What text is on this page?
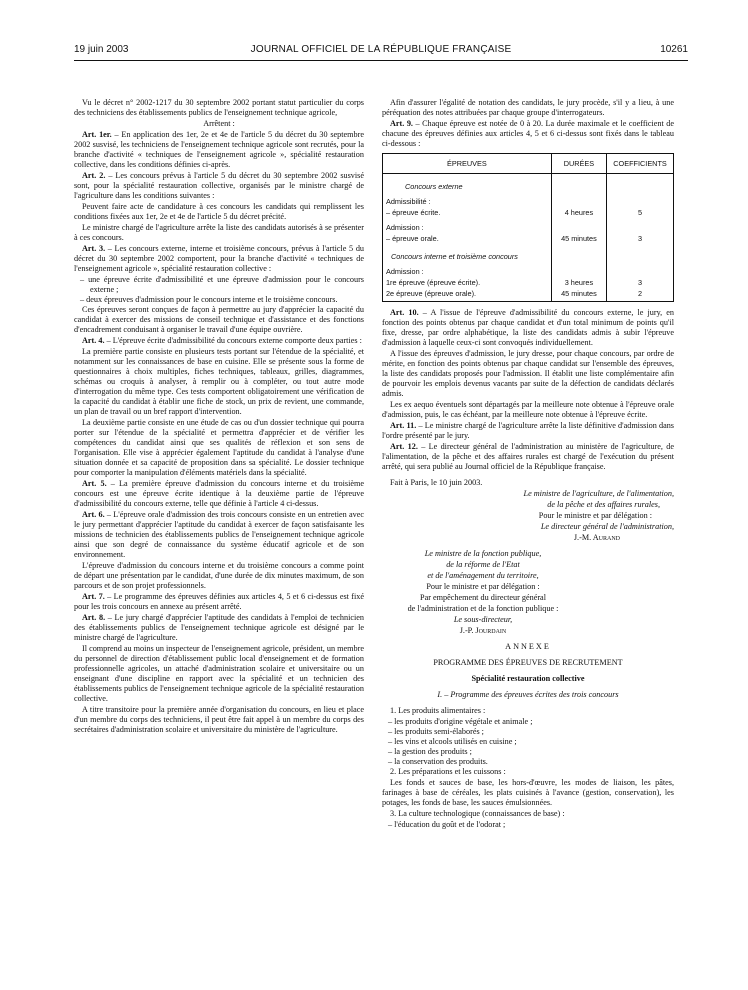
19 juin 2003	JOURNAL OFFICIEL DE LA RÉPUBLIQUE FRANÇAISE	10261

Vu le décret n° 2002-1217 du 30 septembre 2002 portant statut particulier du corps des techniciens des établissements publics de l'enseignement technique agricole,

Arrêtent :

Art. 1er. – En application des 1er, 2e et 4e de l'article 5 du décret du 30 septembre 2002 susvisé, les techniciens de l'enseignement technique agricole sont recrutés, pour la branche d'activité « techniques de l'enseignement agricole », spécialité restauration collective, dans les conditions définies ci-après.

Art. 2. – Les concours prévus à l'article 5 du décret du 30 septembre 2002 susvisé sont, pour la spécialité restauration collective, organisés par le ministre chargé de l'agriculture dans les conditions suivantes :

Peuvent faire acte de candidature à ces concours les candidats qui remplissent les conditions fixées aux 1er, 2e et 4e de l'article 5 du décret précité.

Le ministre chargé de l'agriculture arrête la liste des candidats autorisés à se présenter à ces concours.

Art. 3. – Les concours externe, interne et troisième concours, prévus à l'article 5 du décret du 30 septembre 2002 comportent, pour la branche d'activité « techniques de l'enseignement agricole », spécialité restauration collective :

– une épreuve écrite d'admissibilité et une épreuve d'admission pour le concours externe ;
– deux épreuves d'admission pour le concours interne et le troisième concours.

Ces épreuves seront conçues de façon à permettre au jury d'apprécier la capacité du candidat à exercer des missions de conseil technique et d'assistance et des fonctions d'encadrement conduisant à organiser le travail d'une équipe ouvrière.

Art. 4. – L'épreuve écrite d'admissibilité du concours externe comporte deux parties :

La première partie consiste en plusieurs tests portant sur l'étendue de la spécialité, et notamment sur les connaissances de base en cuisine. Elle se présente sous la forme de questionnaires à choix multiples, fiches techniques, tableaux, grilles, diagrammes, schémas ou croquis à analyser, à remplir ou à compléter, ou tout autre mode d'interrogation du même type. Ces tests comportent obligatoirement une vérification de la capacité du candidat à établir une fiche de stock, un prix de revient, une commande, un plan de travail ou un bref rapport d'intervention.

La deuxième partie consiste en une étude de cas ou d'un dossier technique qui pourra porter sur l'étendue de la spécialité et permettra d'apprécier et de vérifier les compétences du candidat ainsi que ses qualités de réflexion et son sens de l'organisation. Elle vise à apprécier également l'aptitude du candidat à l'analyse d'une situation donnée et sa capacité de proposition dans sa spécialité. Le dossier technique pour comporter la manipulation d'éléments matériels dans la spécialité.

Art. 5. – La première épreuve d'admission du concours interne et du troisième concours est une épreuve écrite identique à la deuxième partie de l'épreuve d'admissibilité du concours externe, telle que définie à l'article 4 ci-dessus.

Art. 6. – L'épreuve orale d'admission des trois concours consiste en un entretien avec le jury permettant d'apprécier l'aptitude du candidat à exercer de façon satisfaisante les missions de technicien des établissements publics de l'enseignement technique agricole ainsi que son degré de connaissance du système éducatif agricole et de son environnement.

L'épreuve d'admission du concours interne et du troisième concours a comme point de départ une présentation par le candidat, d'une durée de dix minutes maximum, de son parcours et de son projet professionnels.

Art. 7. – Le programme des épreuves définies aux articles 4, 5 et 6 ci-dessus est fixé pour les trois concours en annexe au présent arrêté.

Art. 8. – Le jury chargé d'apprécier l'aptitude des candidats à l'emploi de technicien des établissements publics de l'enseignement technique agricole est désigné par le ministre chargé de l'agriculture.

Il comprend au moins un inspecteur de l'enseignement agricole, président, un membre du personnel de direction d'établissement public local d'enseignement et de formation professionnelle agricoles, un attaché d'administration scolaire et universitaire ou un enseignant d'une discipline en rapport avec la spécialité et un technicien des établissements publics de l'enseignement technique agricole de la spécialité restauration collective.

A titre transitoire pour la première année d'organisation du concours, en lieu et place d'un membre du corps des techniciens, il peut être fait appel à un membre du corps des secrétaires d'administration scolaire et universitaire du ministère de l'agriculture.

Afin d'assurer l'égalité de notation des candidats, le jury procède, s'il y a lieu, à une péréquation des notes attribuées par chaque groupe d'interrogateurs.

Art. 9. – Chaque épreuve est notée de 0 à 20. La durée maximale et le coefficient de chacune des épreuves définies aux articles 4, 5 et 6 ci-dessus sont fixés dans le tableau ci-dessous :

ÉPREUVES	DURÉES	COEFFICIENTS
Concours externe		
Admissibilité :		
– épreuve écrite.	4 heures	5
Admission :		
– épreuve orale.	45 minutes	3
Concours interne et troisième concours		
Admission :		
1re épreuve (épreuve écrite).	3 heures	3
2e épreuve (épreuve orale).	45 minutes	2

Art. 10. – A l'issue de l'épreuve d'admissibilité du concours externe, le jury, en fonction des points obtenus par chaque candidat et d'un total minimum de points qu'il fixe, dresse, par ordre alphabétique, la liste des candidats admis à subir l'épreuve d'admission à laquelle ceux-ci sont convoqués individuellement.

A l'issue des épreuves d'admission, le jury dresse, pour chaque concours, par ordre de mérite, en fonction des points obtenus par chaque candidat sur l'ensemble des épreuves, la liste des candidats proposés pour l'admission. Il établit une liste complémentaire afin de pourvoir les emplois devenus vacants par suite de la défection de candidats déclarés admis.

Les ex aequo éventuels sont départagés par la meilleure note obtenue à l'épreuve orale d'admission, puis, le cas échéant, par la meilleure note obtenue à l'épreuve écrite.

Art. 11. – Le ministre chargé de l'agriculture arrête la liste définitive d'admission dans l'ordre présenté par le jury.

Art. 12. – Le directeur général de l'administration au ministère de l'agriculture, de l'alimentation, de la pêche et des affaires rurales est chargé de l'exécution du présent arrêté, qui sera publié au Journal officiel de la République française.

Fait à Paris, le 10 juin 2003.

Le ministre de l'agriculture, de l'alimentation,

de la pêche et des affaires rurales,

Pour le ministre et par délégation :

Le directeur général de l'administration,

J.-M. Aurand

Le ministre de la fonction publique,

de la réforme de l'Etat

et de l'aménagement du territoire,

Pour le ministre et par délégation :

Par empêchement du directeur général

de l'administration et de la fonction publique :

Le sous-directeur,

J.-P. Jourdain

ANNEXE

PROGRAMME DES ÉPREUVES DE RECRUTEMENT

Spécialité restauration collective

I. – Programme des épreuves écrites des trois concours

1. Les produits alimentaires :

– les produits d'origine végétale et animale ;
– les produits semi-élaborés ;
– les vins et alcools utilisés en cuisine ;
– la gestion des produits ;
– la conservation des produits.

2. Les préparations et les cuissons :

Les fonds et sauces de base, les hors-d'œuvre, les modes de liaison, les pâtes, farinages à base de céréales, les plats cuisinés à l'avance (gestion, conservation), les potages, les fonds de base, les sauces émulsionnées.

3. La culture technologique (connaissances de base) :

– l'éducation du goût et de l'odorat ;
